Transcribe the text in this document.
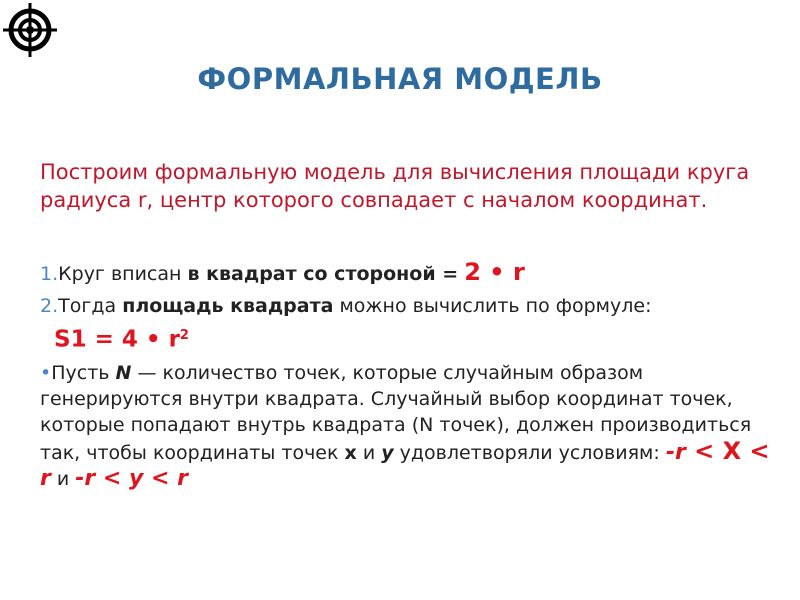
ФОРМАЛЬНАЯ МОДЕЛЬ
Построим формальную модель для вычисления площади круга радиуса r, центр которого совпадает с началом координат.
1.Круг вписан в квадрат со стороной = 2 • r
2.Тогда площадь квадрата можно вычислить по формуле:
S1 = 4 • $r^2$
•Пусть N — количество точек, которые случайным образом генерируются внутри квадрата. Случайный выбор координат точек, которые попадают внутрь квадрата (N точек), должен производиться так, чтобы координаты точек x и y удовлетворяли условиям: -r < X < r и -r < y < r
